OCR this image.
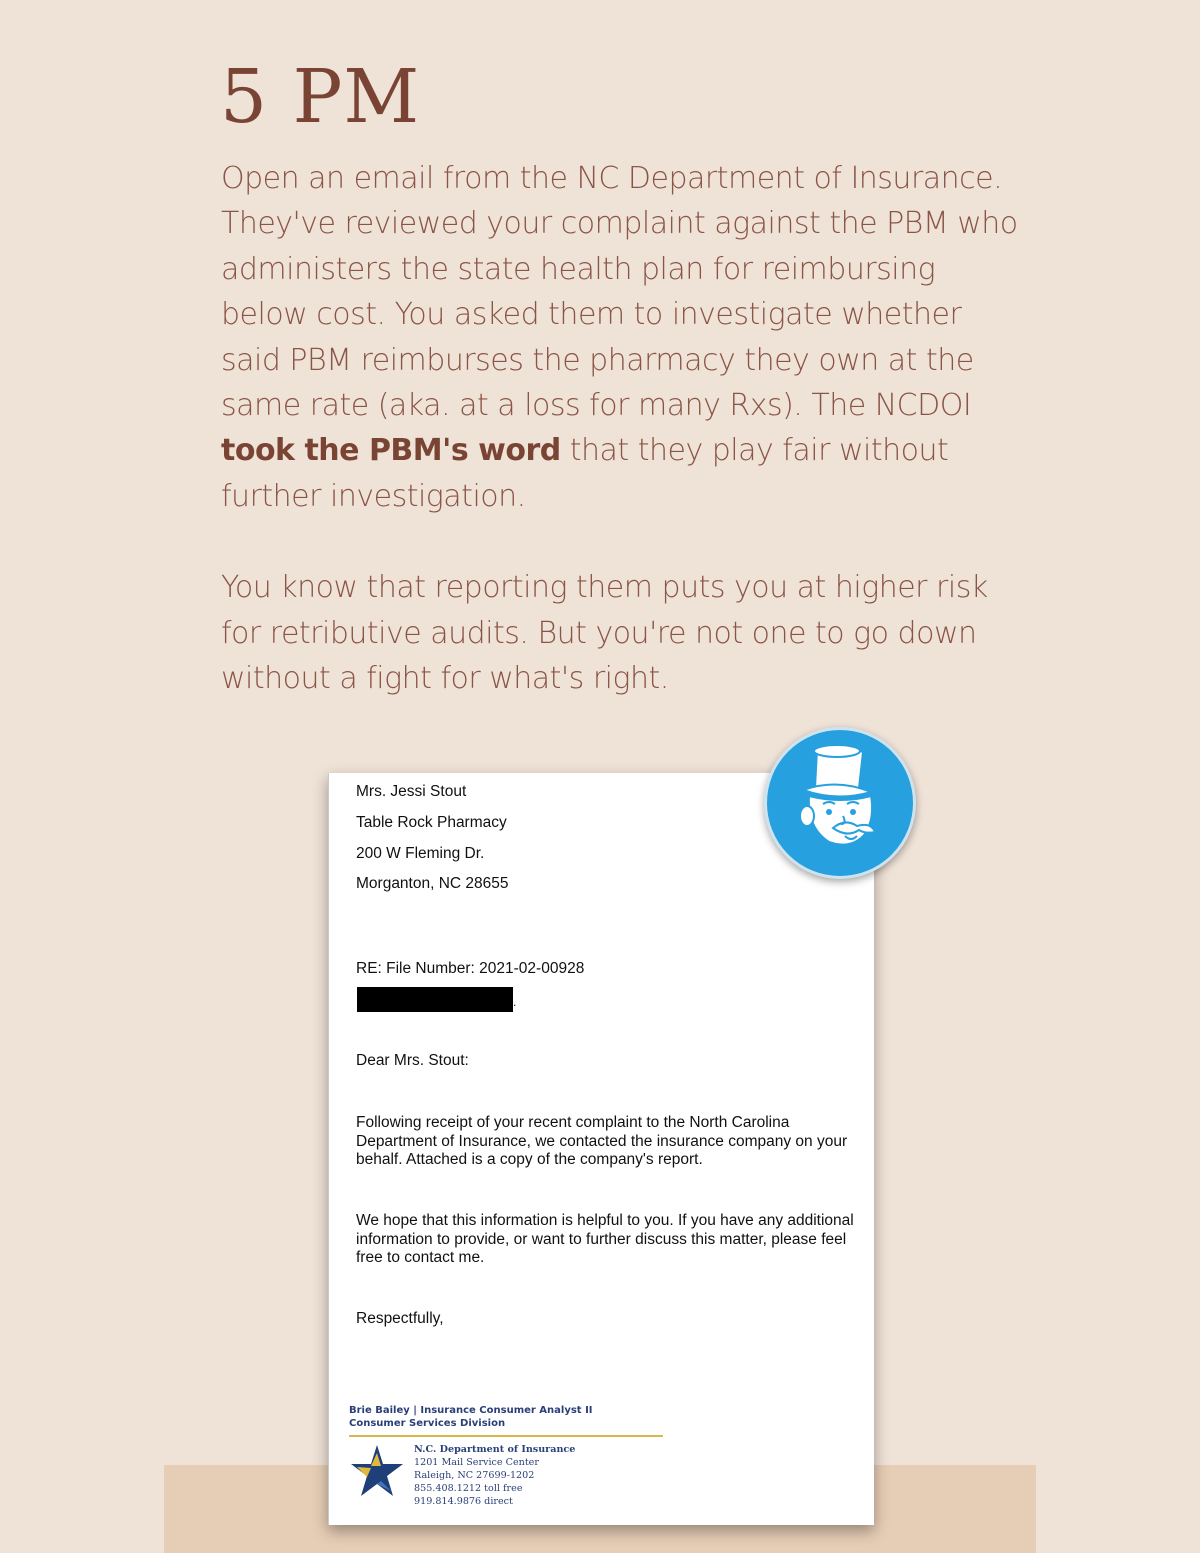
5 PM

Open an email from the NC Department of Insurance. They've reviewed your complaint against the PBM who administers the state health plan for reimbursing below cost. You asked them to investigate whether said PBM reimburses the pharmacy they own at the same rate (aka. at a loss for many Rxs). The NCDOI took the PBM's word that they play fair without further investigation.

You know that reporting them puts you at higher risk for retributive audits. But you're not one to go down without a fight for what's right.

Mrs. Jessi Stout
Table Rock Pharmacy
200 W Fleming Dr.
Morganton, NC 28655
RE: File Number: 2021-02-00928
.
Dear Mrs. Stout:
Following receipt of your recent complaint to the North Carolina Department of Insurance, we contacted the insurance company on your behalf. Attached is a copy of the company's report.
We hope that this information is helpful to you. If you have any additional information to provide, or want to further discuss this matter, please feel free to contact me.
Respectfully,
Brie Bailey | Insurance Consumer Analyst II
Consumer Services Division
N.C. Department of Insurance
1201 Mail Service Center
Raleigh, NC 27699-1202
855.408.1212 toll free
919.814.9876 direct
